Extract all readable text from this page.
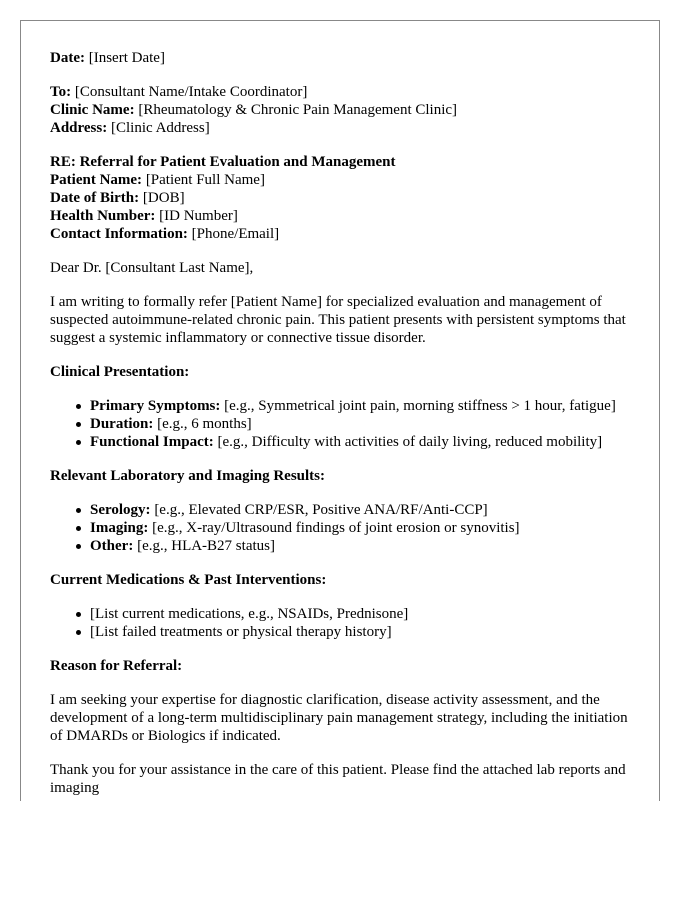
Date: [Insert Date]
To: [Consultant Name/Intake Coordinator]
Clinic Name: [Rheumatology & Chronic Pain Management Clinic]
Address: [Clinic Address]
RE: Referral for Patient Evaluation and Management
Patient Name: [Patient Full Name]
Date of Birth: [DOB]
Health Number: [ID Number]
Contact Information: [Phone/Email]

Dear Dr. [Consultant Last Name],

I am writing to formally refer [Patient Name] for specialized evaluation and management of suspected autoimmune-related chronic pain. This patient presents with persistent symptoms that suggest a systemic inflammatory or connective tissue disorder.

Clinical Presentation:
Primary Symptoms: [e.g., Symmetrical joint pain, morning stiffness > 1 hour, fatigue]
Duration: [e.g., 6 months]
Functional Impact: [e.g., Difficulty with activities of daily living, reduced mobility]
Relevant Laboratory and Imaging Results:
Serology: [e.g., Elevated CRP/ESR, Positive ANA/RF/Anti-CCP]
Imaging: [e.g., X-ray/Ultrasound findings of joint erosion or synovitis]
Other: [e.g., HLA-B27 status]
Current Medications & Past Interventions:
[List current medications, e.g., NSAIDs, Prednisone]
[List failed treatments or physical therapy history]
Reason for Referral:

I am seeking your expertise for diagnostic clarification, disease activity assessment, and the development of a long-term multidisciplinary pain management strategy, including the initiation of DMARDs or Biologics if indicated.

Thank you for your assistance in the care of this patient. Please find the attached lab reports and imaging
